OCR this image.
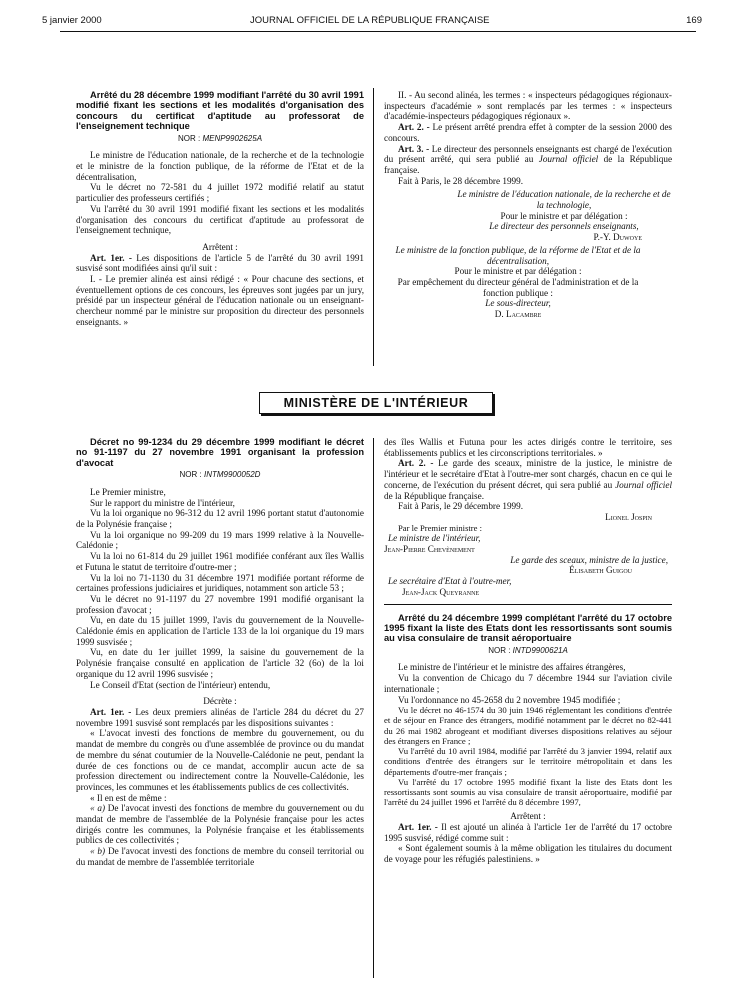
5 janvier 2000	JOURNAL OFFICIEL DE LA RÉPUBLIQUE FRANÇAISE	169

Arrêté du 28 décembre 1999 modifiant l'arrêté du 30 avril 1991 modifié fixant les sections et les modalités d'organisation des concours du certificat d'aptitude au professorat de l'enseignement technique

NOR : MENP9902625A

Le ministre de l'éducation nationale, de la recherche et de la technologie et le ministre de la fonction publique, de la réforme de l'Etat et de la décentralisation,

Vu le décret no 72-581 du 4 juillet 1972 modifié relatif au statut particulier des professeurs certifiés ;

Vu l'arrêté du 30 avril 1991 modifié fixant les sections et les modalités d'organisation des concours du certificat d'aptitude au professorat de l'enseignement technique,

Arrêtent :

Art. 1er. - Les dispositions de l'article 5 de l'arrêté du 30 avril 1991 susvisé sont modifiées ainsi qu'il suit :

I. - Le premier alinéa est ainsi rédigé : « Pour chacune des sections, et éventuellement options de ces concours, les épreuves sont jugées par un jury, présidé par un inspecteur général de l'éducation nationale ou un enseignant-chercheur nommé par le ministre sur proposition du directeur des personnels enseignants. »

II. - Au second alinéa, les termes : « inspecteurs pédagogiques régionaux-inspecteurs d'académie » sont remplacés par les termes : « inspecteurs d'académie-inspecteurs pédagogiques régionaux ».

Art. 2. - Le présent arrêté prendra effet à compter de la session 2000 des concours.

Art. 3. - Le directeur des personnels enseignants est chargé de l'exécution du présent arrêté, qui sera publié au Journal officiel de la République française.

Fait à Paris, le 28 décembre 1999.

Le ministre de l'éducation nationale, de la recherche et de la technologie,

Pour le ministre et par délégation :

Le directeur des personnels enseignants,

P.-Y. Duwoye

Le ministre de la fonction publique, de la réforme de l'Etat et de la décentralisation,

Pour le ministre et par délégation :

Par empêchement du directeur général de l'administration et de la fonction publique :

Le sous-directeur,

D. Lacambre

MINISTÈRE DE L'INTÉRIEUR

Décret no 99-1234 du 29 décembre 1999 modifiant le décret no 91-1197 du 27 novembre 1991 organisant la profession d'avocat

NOR : INTM9900052D

Le Premier ministre,

Sur le rapport du ministre de l'intérieur,

Vu la loi organique no 96-312 du 12 avril 1996 portant statut d'autonomie de la Polynésie française ;

Vu la loi organique no 99-209 du 19 mars 1999 relative à la Nouvelle-Calédonie ;

Vu la loi no 61-814 du 29 juillet 1961 modifiée conférant aux îles Wallis et Futuna le statut de territoire d'outre-mer ;

Vu la loi no 71-1130 du 31 décembre 1971 modifiée portant réforme de certaines professions judiciaires et juridiques, notamment son article 53 ;

Vu le décret no 91-1197 du 27 novembre 1991 modifié organisant la profession d'avocat ;

Vu, en date du 15 juillet 1999, l'avis du gouvernement de la Nouvelle-Calédonie émis en application de l'article 133 de la loi organique du 19 mars 1999 susvisée ;

Vu, en date du 1er juillet 1999, la saisine du gouvernement de la Polynésie française consulté en application de l'article 32 (6o) de la loi organique du 12 avril 1996 susvisée ;

Le Conseil d'Etat (section de l'intérieur) entendu,

Décrète :

Art. 1er. - Les deux premiers alinéas de l'article 284 du décret du 27 novembre 1991 susvisé sont remplacés par les dispositions suivantes :

« L'avocat investi des fonctions de membre du gouvernement, ou du mandat de membre du congrès ou d'une assemblée de province ou du mandat de membre du sénat coutumier de la Nouvelle-Calédonie ne peut, pendant la durée de ces fonctions ou de ce mandat, accomplir aucun acte de sa profession directement ou indirectement contre la Nouvelle-Calédonie, les provinces, les communes et les établissements publics de ces collectivités.

« Il en est de même :

« a) De l'avocat investi des fonctions de membre du gouvernement ou du mandat de membre de l'assemblée de la Polynésie française pour les actes dirigés contre les communes, la Polynésie française et les établissements publics de ces collectivités ;

« b) De l'avocat investi des fonctions de membre du conseil territorial ou du mandat de membre de l'assemblée territoriale

des îles Wallis et Futuna pour les actes dirigés contre le territoire, ses établissements publics et les circonscriptions territoriales. »

Art. 2. - Le garde des sceaux, ministre de la justice, le ministre de l'intérieur et le secrétaire d'Etat à l'outre-mer sont chargés, chacun en ce qui le concerne, de l'exécution du présent décret, qui sera publié au Journal officiel de la République française.

Fait à Paris, le 29 décembre 1999.

Lionel Jospin

Par le Premier ministre :

Le ministre de l'intérieur,

Jean-Pierre Chevènement

Le garde des sceaux, ministre de la justice,

Élisabeth Guigou

Le secrétaire d'Etat à l'outre-mer,

Jean-Jack Queyranne

Arrêté du 24 décembre 1999 complétant l'arrêté du 17 octobre 1995 fixant la liste des Etats dont les ressortissants sont soumis au visa consulaire de transit aéroportuaire

NOR : INTD9900621A

Le ministre de l'intérieur et le ministre des affaires étrangères,

Vu la convention de Chicago du 7 décembre 1944 sur l'aviation civile internationale ;

Vu l'ordonnance no 45-2658 du 2 novembre 1945 modifiée ;

Vu le décret no 46-1574 du 30 juin 1946 réglementant les conditions d'entrée et de séjour en France des étrangers, modifié notamment par le décret no 82-441 du 26 mai 1982 abrogeant et modifiant diverses dispositions relatives au séjour des étrangers en France ;

Vu l'arrêté du 10 avril 1984, modifié par l'arrêté du 3 janvier 1994, relatif aux conditions d'entrée des étrangers sur le territoire métropolitain et dans les départements d'outre-mer français ;

Vu l'arrêté du 17 octobre 1995 modifié fixant la liste des Etats dont les ressortissants sont soumis au visa consulaire de transit aéroportuaire, modifié par l'arrêté du 24 juillet 1996 et l'arrêté du 8 décembre 1997,

Arrêtent :

Art. 1er. - Il est ajouté un alinéa à l'article 1er de l'arrêté du 17 octobre 1995 susvisé, rédigé comme suit :

« Sont également soumis à la même obligation les titulaires du document de voyage pour les réfugiés palestiniens. »
